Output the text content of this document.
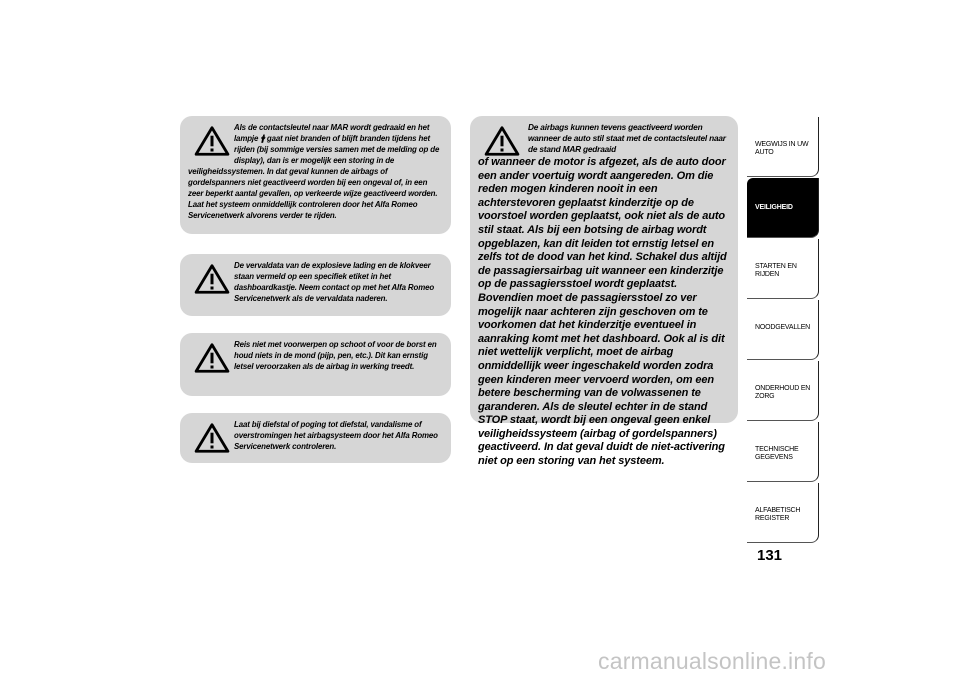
Als de contactsleutel naar MAR wordt gedraaid en het lampje 🛉 gaat niet branden of blijft branden tijdens het rijden (bij sommige versies samen met de melding op de display), dan is er mogelijk een storing in de veiligheidssystemen. In dat geval kunnen de airbags of gordelspanners niet geactiveerd worden bij een ongeval of, in een zeer beperkt aantal gevallen, op verkeerde wijze geactiveerd worden. Laat het systeem onmiddellijk controleren door het Alfa Romeo Servicenetwerk alvorens verder te rijden.
De vervaldata van de explosieve lading en de klokveer staan vermeld op een specifiek etiket in het dashboardkastje. Neem contact op met het Alfa Romeo Servicenetwerk als de vervaldata naderen.
Reis niet met voorwerpen op schoot of voor de borst en houd niets in de mond (pijp, pen, etc.). Dit kan ernstig letsel veroorzaken als de airbag in werking treedt.
Laat bij diefstal of poging tot diefstal, vandalisme of overstromingen het airbagsysteem door het Alfa Romeo Servicenetwerk controleren.
De airbags kunnen tevens geactiveerd worden wanneer de auto stil staat met de contactsleutel naar de stand MAR gedraaid
of wanneer de motor is afgezet, als de auto door een ander voertuig wordt aangereden. Om die reden mogen kinderen nooit in een achterstevoren geplaatst kinderzitje op de voorstoel worden geplaatst, ook niet als de auto stil staat. Als bij een botsing de airbag wordt opgeblazen, kan dit leiden tot ernstig letsel en zelfs tot de dood van het kind. Schakel dus altijd de passagiersairbag uit wanneer een kinderzitje op de passagiersstoel wordt geplaatst. Bovendien moet de passagiersstoel zo ver mogelijk naar achteren zijn geschoven om te voorkomen dat het kinderzitje eventueel in aanraking komt met het dashboard. Ook al is dit niet wettelijk verplicht, moet de airbag onmiddellijk weer ingeschakeld worden zodra geen kinderen meer vervoerd worden, om een betere bescherming van de volwassenen te garanderen. Als de sleutel echter in de stand STOP staat, wordt bij een ongeval geen enkel veiligheidssysteem (airbag of gordelspanners) geactiveerd. In dat geval duidt de niet-activering niet op een storing van het systeem.
WEGWIJS IN UW AUTO
VEILIGHEID
STARTEN EN RIJDEN
NOODGEVALLEN
ONDERHOUD EN ZORG
TECHNISCHE GEGEVENS
ALFABETISCH REGISTER
131
carmanualsonline.info
